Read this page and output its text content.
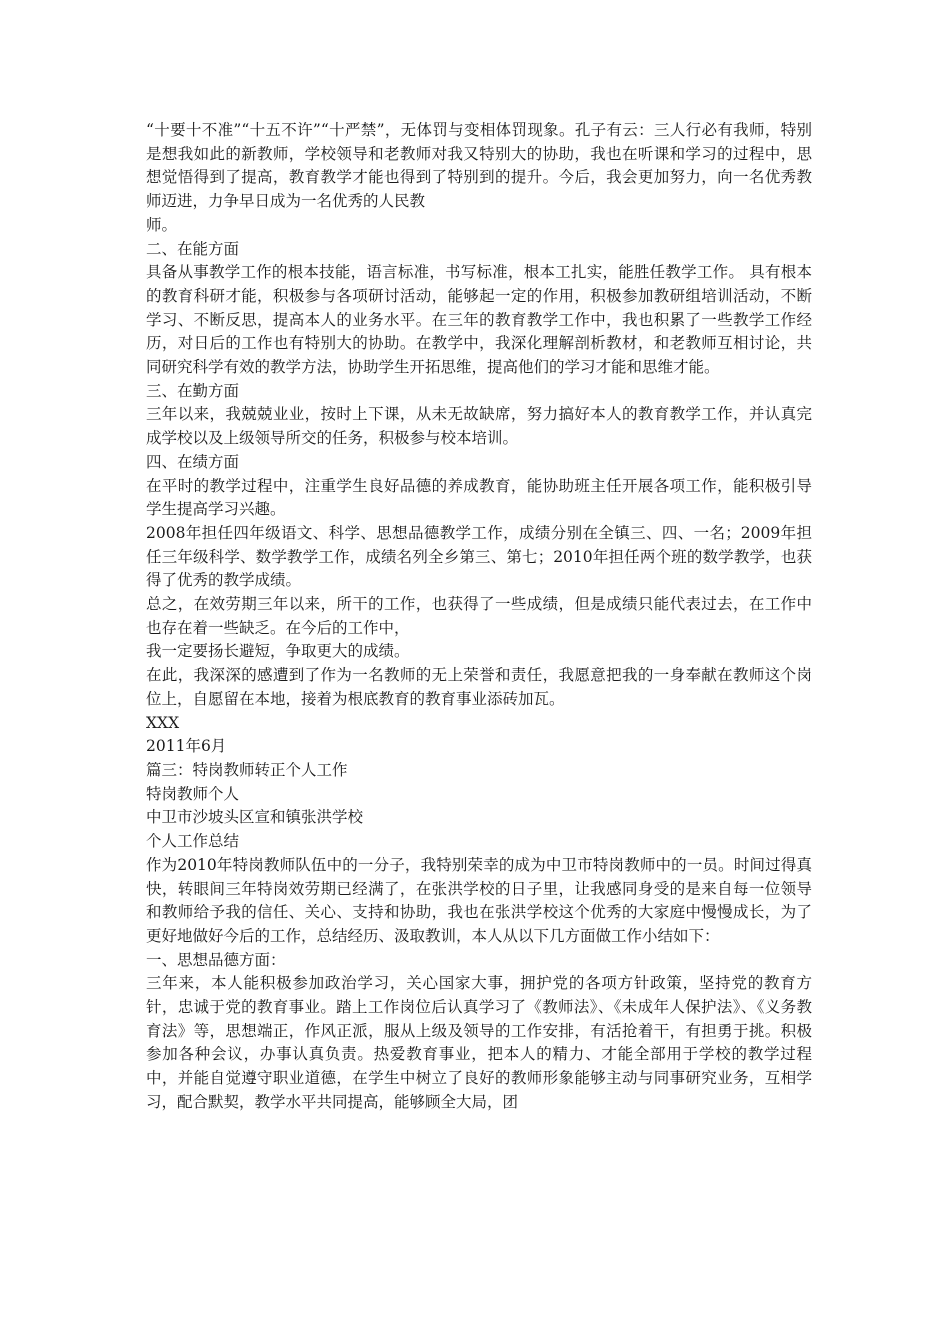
“十要十不准”“十五不许”“十严禁”，无体罚与变相体罚现象。孔子有云：三人行必有我师，特别是想我如此的新教师，学校领导和老教师对我又特别大的协助，我也在听课和学习的过程中，思想觉悟得到了提高，教育教学才能也得到了特别到的提升。今后，我会更加努力，向一名优秀教师迈进，力争早日成为一名优秀的人民教

师。

二、在能方面

具备从事教学工作的根本技能，语言标准，书写标准，根本工扎实，能胜任教学工作。 具有根本的教育科研才能，积极参与各项研讨活动，能够起一定的作用，积极参加教研组培训活动，不断学习、不断反思，提高本人的业务水平。在三年的教育教学工作中，我也积累了一些教学工作经历，对日后的工作也有特别大的协助。在教学中，我深化理解剖析教材，和老教师互相讨论，共同研究科学有效的教学方法，协助学生开拓思维，提高他们的学习才能和思维才能。

三、在勤方面

三年以来，我兢兢业业，按时上下课，从未无故缺席，努力搞好本人的教育教学工作，并认真完成学校以及上级领导所交的任务，积极参与校本培训。

四、在绩方面

在平时的教学过程中，注重学生良好品德的养成教育，能协助班主任开展各项工作，能积极引导学生提高学习兴趣。

2008年担任四年级语文、科学、思想品德教学工作，成绩分别在全镇三、四、一名；2009年担任三年级科学、数学教学工作，成绩名列全乡第三、第七；2010年担任两个班的数学教学，也获得了优秀的教学成绩。

总之，在效劳期三年以来，所干的工作，也获得了一些成绩，但是成绩只能代表过去，在工作中也存在着一些缺乏。在今后的工作中，

我一定要扬长避短，争取更大的成绩。

在此，我深深的感遭到了作为一名教师的无上荣誉和责任，我愿意把我的一身奉献在教师这个岗位上，自愿留在本地，接着为根底教育的教育事业添砖加瓦。

XXX

2011年6月

篇三：特岗教师转正个人工作

特岗教师个人

中卫市沙坡头区宣和镇张洪学校

个人工作总结

作为2010年特岗教师队伍中的一分子，我特别荣幸的成为中卫市特岗教师中的一员。时间过得真快，转眼间三年特岗效劳期已经满了，在张洪学校的日子里，让我感同身受的是来自每一位领导和教师给予我的信任、关心、支持和协助，我也在张洪学校这个优秀的大家庭中慢慢成长，为了更好地做好今后的工作，总结经历、汲取教训，本人从以下几方面做工作小结如下：

一、思想品德方面：

三年来，本人能积极参加政治学习，关心国家大事，拥护党的各项方针政策，坚持党的教育方针，忠诚于党的教育事业。踏上工作岗位后认真学习了《教师法》、《未成年人保护法》、《义务教育法》等，思想端正，作风正派，服从上级及领导的工作安排，有活抢着干，有担勇于挑。积极参加各种会议，办事认真负责。热爱教育事业，把本人的精力、才能全部用于学校的教学过程中，并能自觉遵守职业道德，在学生中树立了良好的教师形象能够主动与同事研究业务，互相学习，配合默契，教学水平共同提高，能够顾全大局，团
